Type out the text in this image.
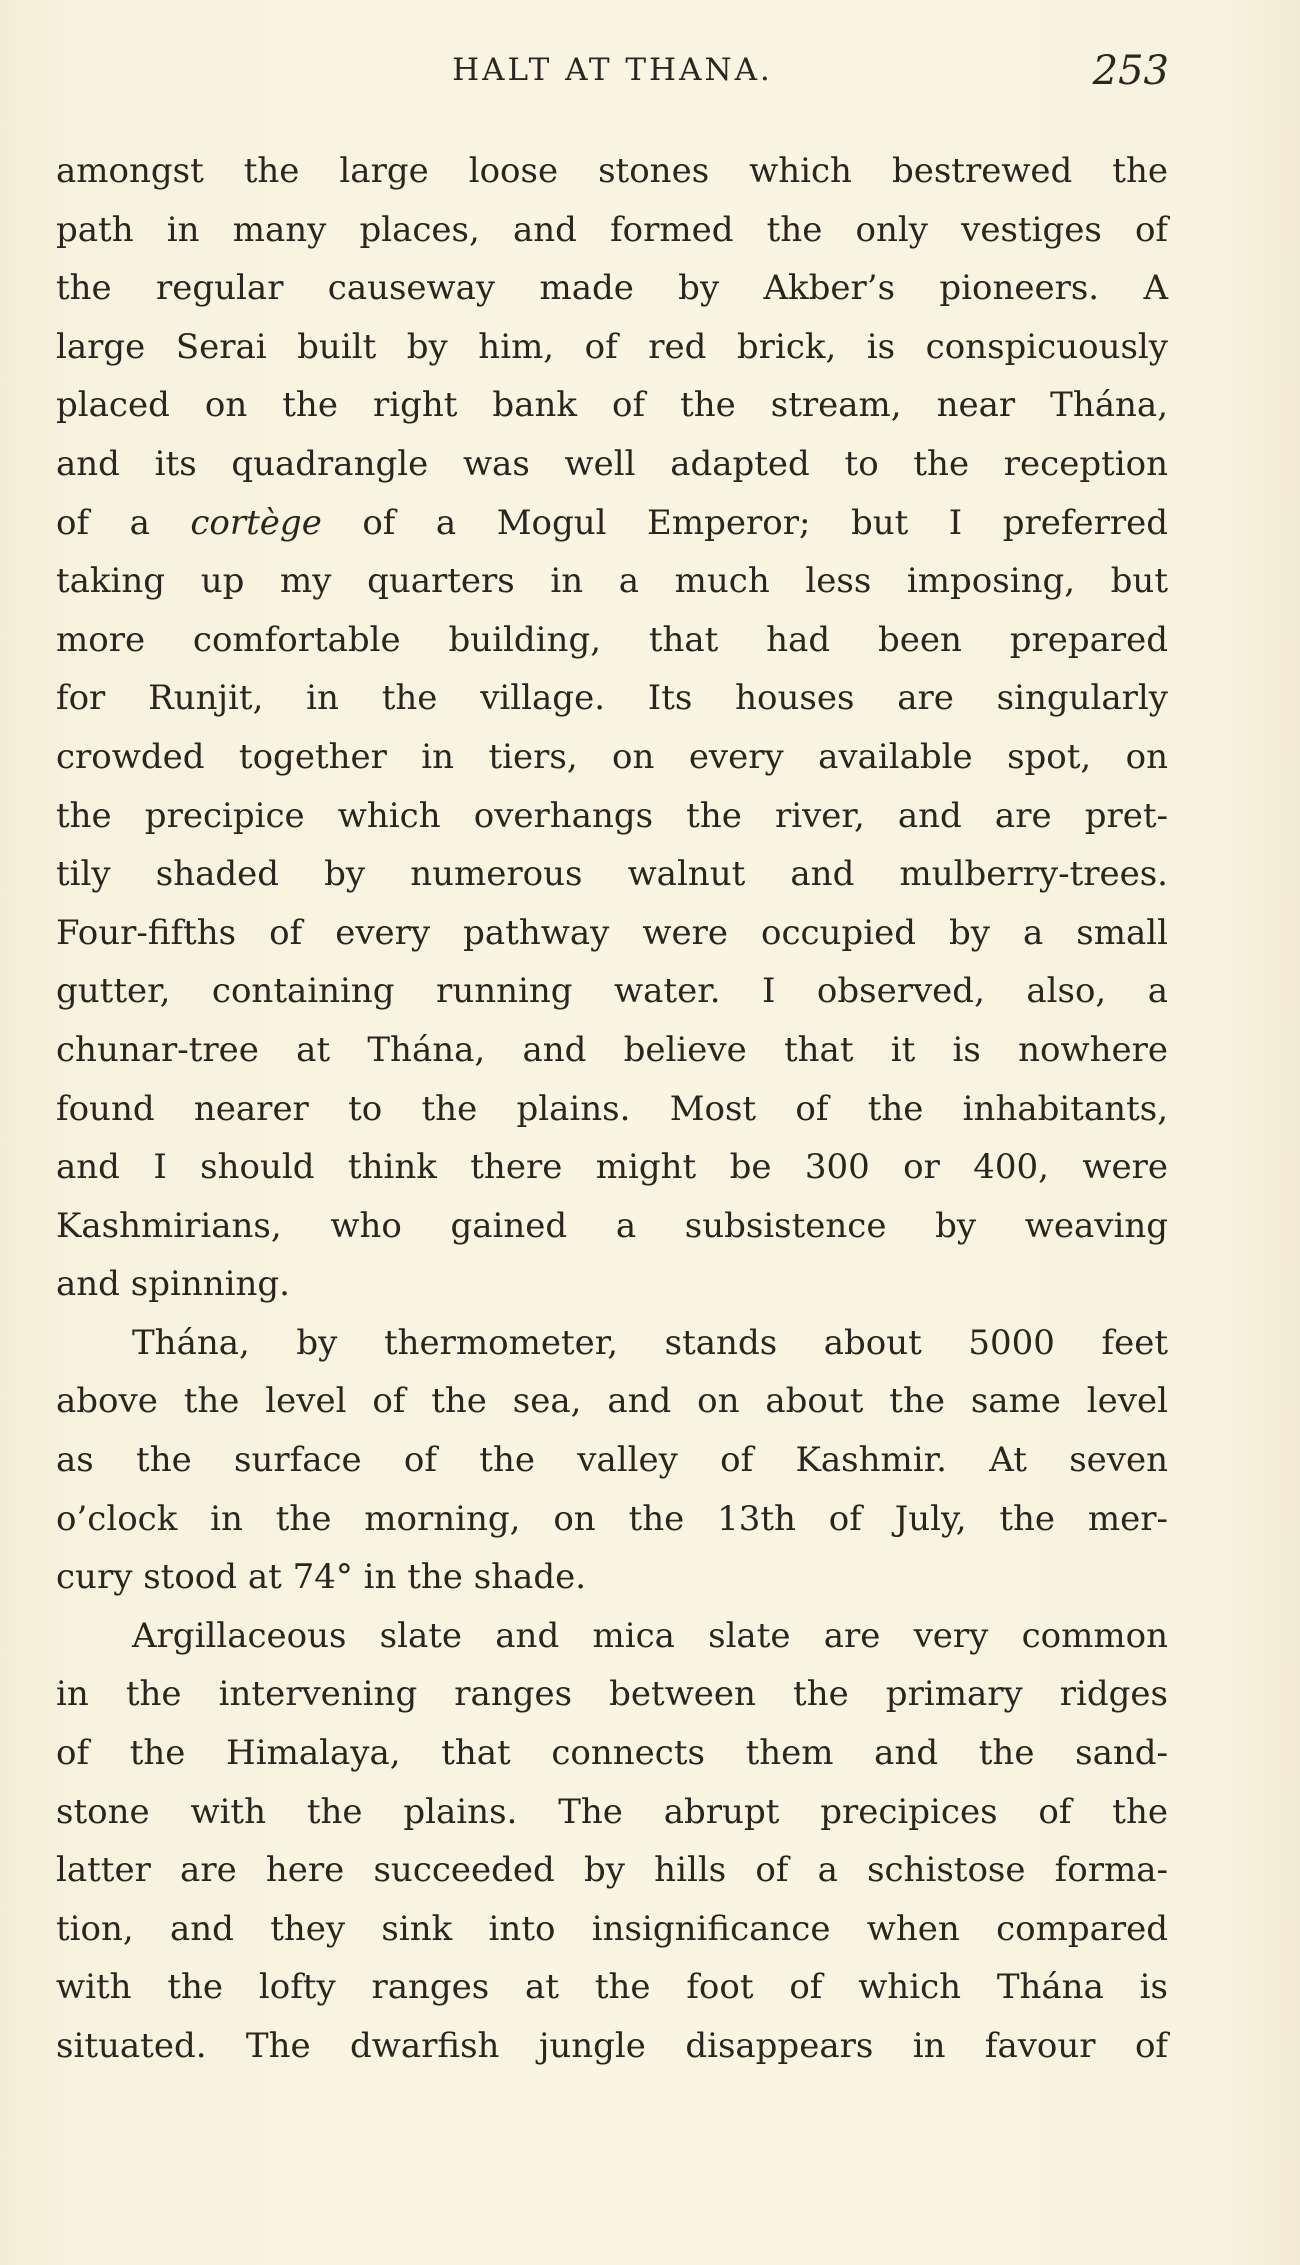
HALT AT THANA.	253
amongst the large loose stones which bestrewed the
path in many places, and formed the only vestiges of
the regular causeway made by Akber’s pioneers. A
large Serai built by him, of red brick, is conspicuously
placed on the right bank of the stream, near Thána,
and its quadrangle was well adapted to the reception
of a cortège of a Mogul Emperor; but I preferred
taking up my quarters in a much less imposing, but
more comfortable building, that had been prepared
for Runjit, in the village. Its houses are singularly
crowded together in tiers, on every available spot, on
the precipice which overhangs the river, and are pret-
tily shaded by numerous walnut and mulberry-trees.
Four-fifths of every pathway were occupied by a small
gutter, containing running water. I observed, also, a
chunar-tree at Thána, and believe that it is nowhere
found nearer to the plains. Most of the inhabitants,
and I should think there might be 300 or 400, were
Kashmirians, who gained a subsistence by weaving
and spinning.
Thána, by thermometer, stands about 5000 feet
above the level of the sea, and on about the same level
as the surface of the valley of Kashmir. At seven
o’clock in the morning, on the 13th of July, the mer-
cury stood at 74° in the shade.
Argillaceous slate and mica slate are very common
in the intervening ranges between the primary ridges
of the Himalaya, that connects them and the sand-
stone with the plains. The abrupt precipices of the
latter are here succeeded by hills of a schistose forma-
tion, and they sink into insignificance when compared
with the lofty ranges at the foot of which Thána is
situated. The dwarfish jungle disappears in favour of
